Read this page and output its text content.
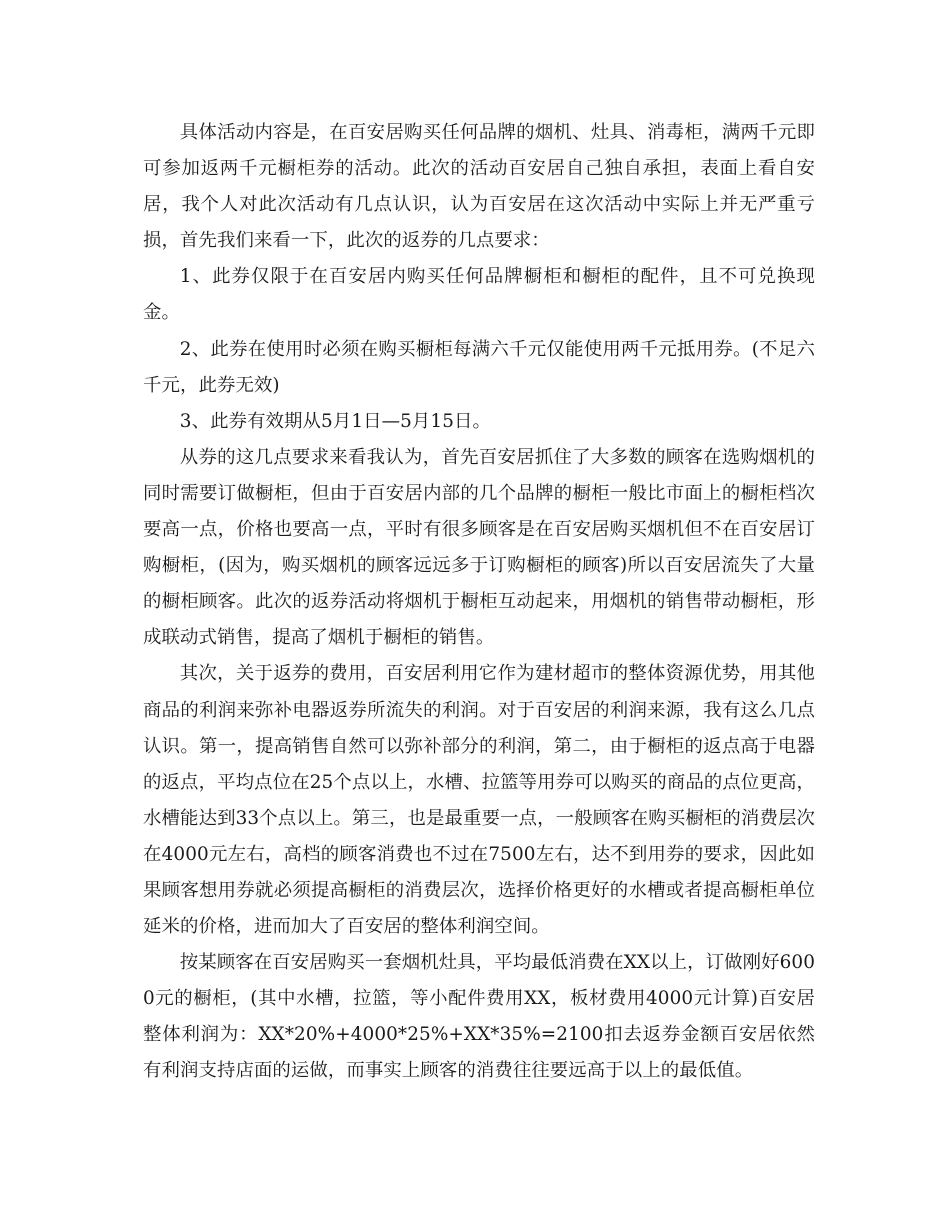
具体活动内容是，在百安居购买任何品牌的烟机、灶具、消毒柜，满两千元即可参加返两千元橱柜券的活动。此次的活动百安居自己独自承担，表面上看自安居，我个人对此次活动有几点认识，认为百安居在这次活动中实际上并无严重亏损，首先我们来看一下，此次的返券的几点要求：

1、此券仅限于在百安居内购买任何品牌橱柜和橱柜的配件，且不可兑换现金。

2、此券在使用时必须在购买橱柜每满六千元仅能使用两千元抵用券。(不足六千元，此券无效)

3、此券有效期从5月1日—5月15日。

从券的这几点要求来看我认为，首先百安居抓住了大多数的顾客在选购烟机的同时需要订做橱柜，但由于百安居内部的几个品牌的橱柜一般比市面上的橱柜档次要高一点，价格也要高一点，平时有很多顾客是在百安居购买烟机但不在百安居订购橱柜，(因为，购买烟机的顾客远远多于订购橱柜的顾客)所以百安居流失了大量的橱柜顾客。此次的返券活动将烟机于橱柜互动起来，用烟机的销售带动橱柜，形成联动式销售，提高了烟机于橱柜的销售。

其次，关于返券的费用，百安居利用它作为建材超市的整体资源优势，用其他商品的利润来弥补电器返券所流失的利润。对于百安居的利润来源，我有这么几点认识。第一，提高销售自然可以弥补部分的利润，第二，由于橱柜的返点高于电器的返点，平均点位在25个点以上，水槽、拉篮等用券可以购买的商品的点位更高，水槽能达到33个点以上。第三，也是最重要一点，一般顾客在购买橱柜的消费层次在4000元左右，高档的顾客消费也不过在7500左右，达不到用券的要求，因此如果顾客想用券就必须提高橱柜的消费层次，选择价格更好的水槽或者提高橱柜单位延米的价格，进而加大了百安居的整体利润空间。

按某顾客在百安居购买一套烟机灶具，平均最低消费在XX以上，订做刚好6000元的橱柜，(其中水槽，拉篮，等小配件费用XX，板材费用4000元计算)百安居整体利润为：XX*20%+4000*25%+XX*35%=2100扣去返券金额百安居依然有利润支持店面的运做，而事实上顾客的消费往往要远高于以上的最低值。
